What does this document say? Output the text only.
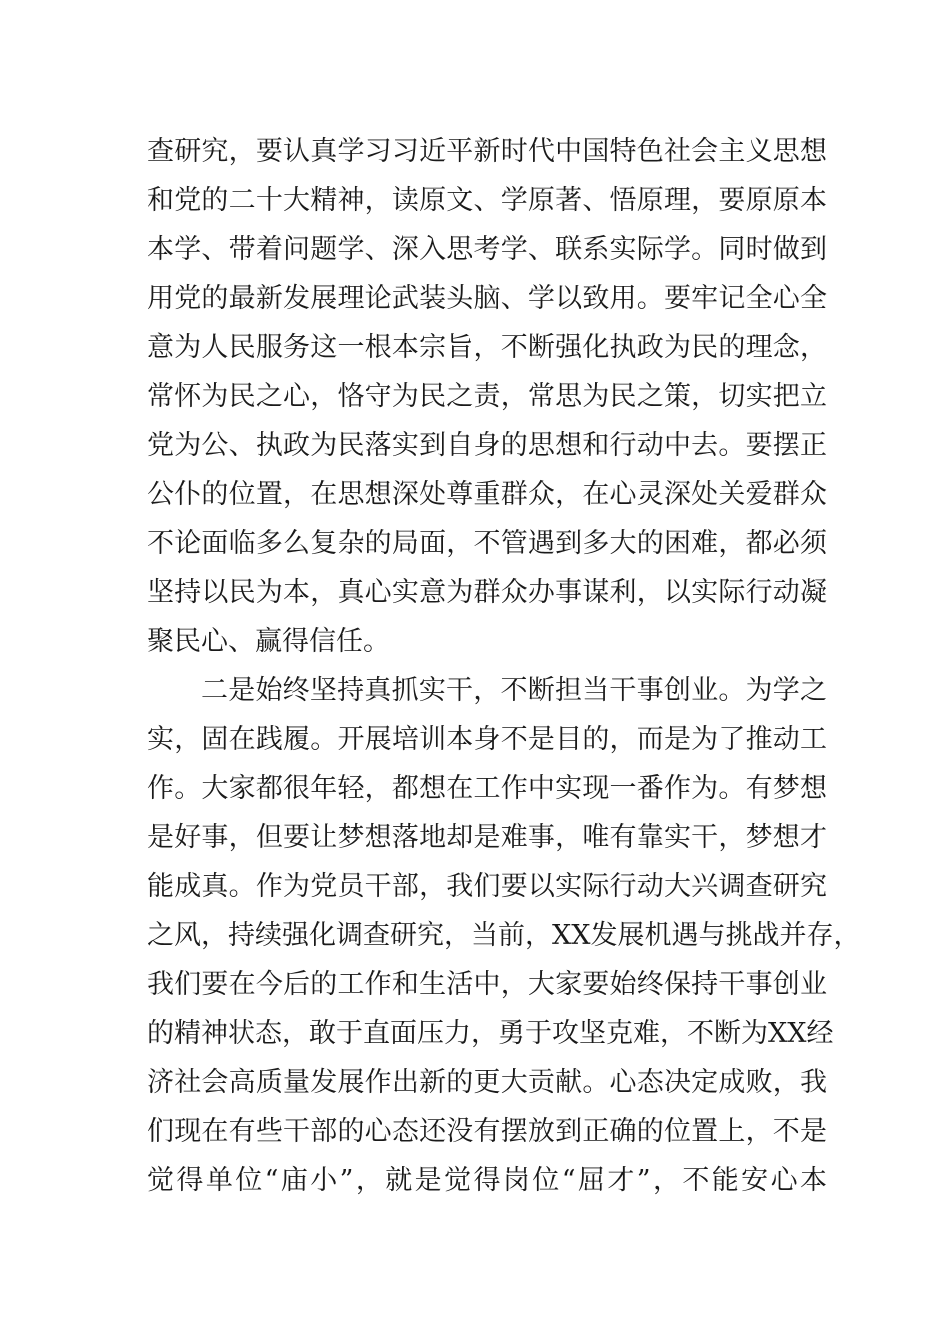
查研究，要认真学习习近平新时代中国特色社会主义思想
和党的二十大精神，读原文、学原著、悟原理，要原原本
本学、带着问题学、深入思考学、联系实际学。同时做到
用党的最新发展理论武装头脑、学以致用。要牢记全心全
意为人民服务这一根本宗旨，不断强化执政为民的理念，
常怀为民之心，恪守为民之责，常思为民之策，切实把立
党为公、执政为民落实到自身的思想和行动中去。要摆正
公仆的位置，在思想深处尊重群众，在心灵深处关爱群众
不论面临多么复杂的局面，不管遇到多大的困难，都必须
坚持以民为本，真心实意为群众办事谋利，以实际行动凝
聚民心、赢得信任。
二是始终坚持真抓实干，不断担当干事创业。为学之
实，固在践履。开展培训本身不是目的，而是为了推动工
作。大家都很年轻，都想在工作中实现一番作为。有梦想
是好事，但要让梦想落地却是难事，唯有靠实干，梦想才
能成真。作为党员干部，我们要以实际行动大兴调查研究
之风，持续强化调查研究，当前，XX发展机遇与挑战并存，
我们要在今后的工作和生活中，大家要始终保持干事创业
的精神状态，敢于直面压力，勇于攻坚克难，不断为XX经
济社会高质量发展作出新的更大贡献。心态决定成败，我
们现在有些干部的心态还没有摆放到正确的位置上，不是
觉得单位“庙小”，就是觉得岗位“屈才”，不能安心本
